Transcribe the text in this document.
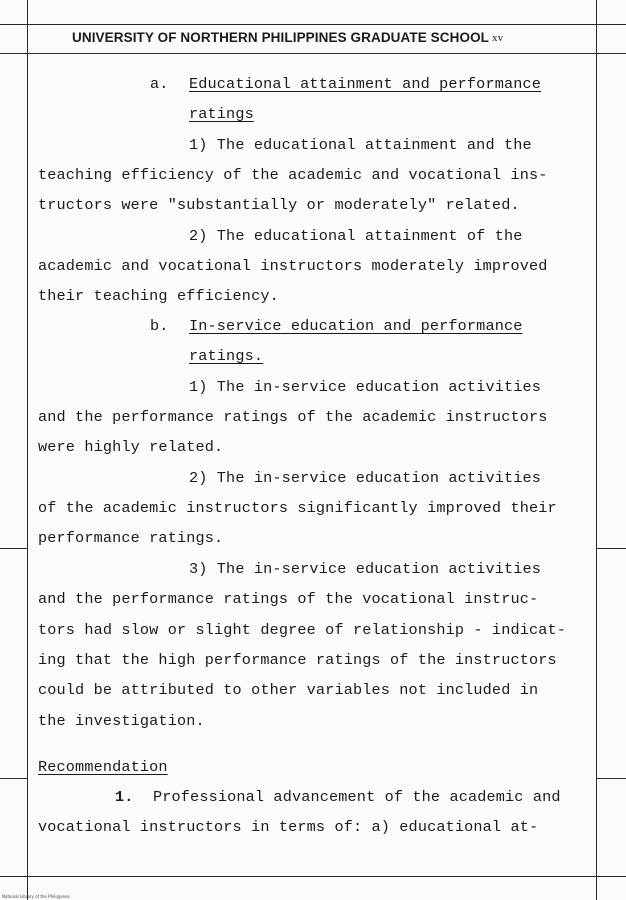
UNIVERSITY OF NORTHERN PHILIPPINES GRADUATE SCHOOL xv
a. Educational attainment and performance
ratings
1) The educational attainment and the
teaching efficiency of the academic and vocational ins-
tructors were "substantially or moderately" related.
2) The educational attainment of the
academic and vocational instructors moderately improved
their teaching efficiency.
b. In-service education and performance
ratings.
1) The in-service education activities
and the performance ratings of the academic instructors
were highly related.
2) The in-service education activities
of the academic instructors significantly improved their
performance ratings.
3) The in-service education activities
and the performance ratings of the vocational instruc-
tors had slow or slight degree of relationship - indicat-
ing that the high performance ratings of the instructors
could be attributed to other variables not included in
the investigation.
Recommendation
1. Professional advancement of the academic and
vocational instructors in terms of: a) educational at-
National Library of the Philippines
